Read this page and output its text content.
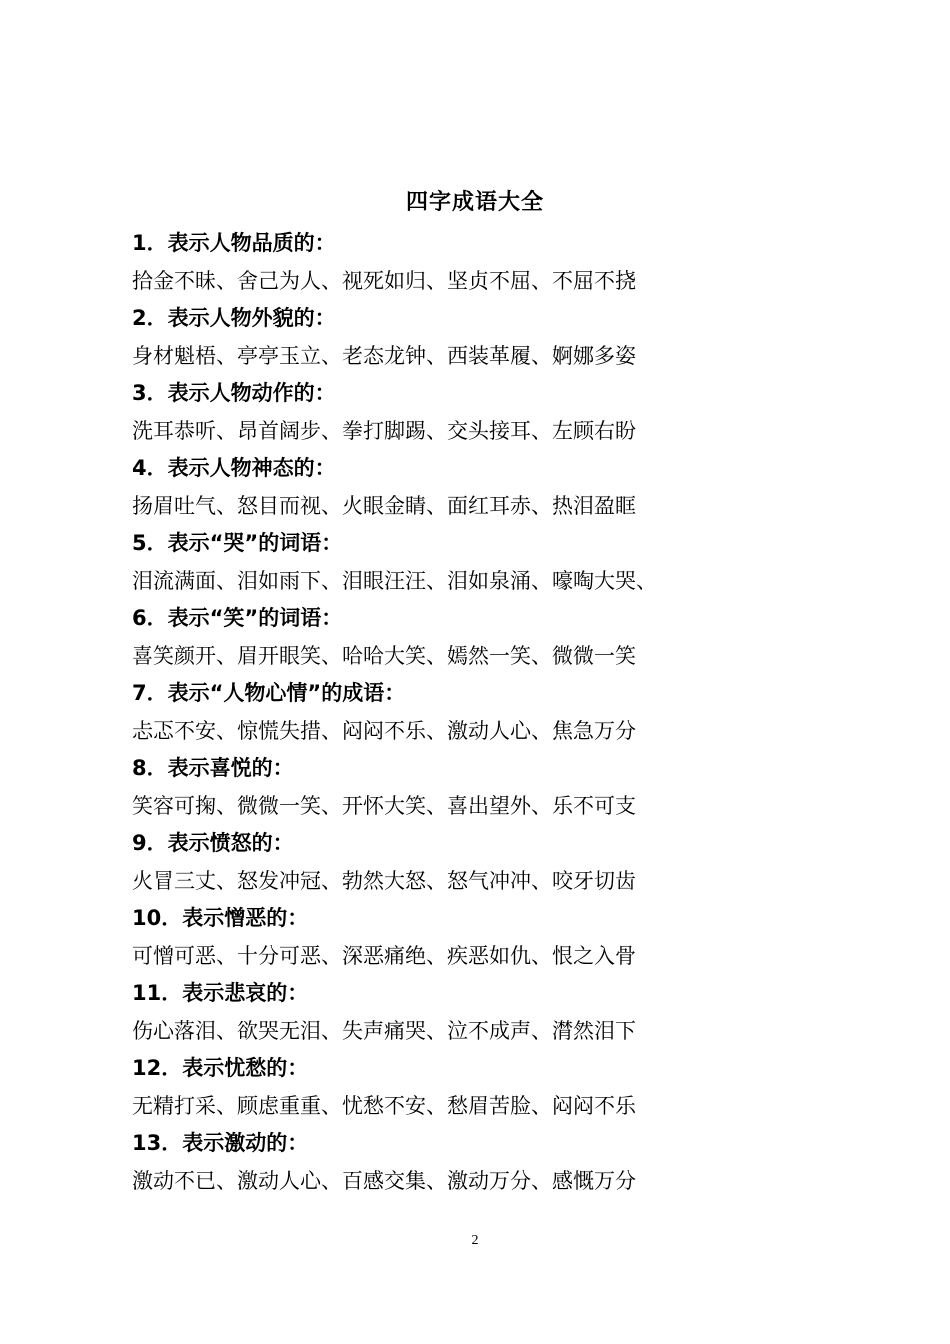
四字成语大全
1．表示人物品质的：
拾金不昧、舍己为人、视死如归、坚贞不屈、不屈不挠
2．表示人物外貌的：
身材魁梧、亭亭玉立、老态龙钟、西装革履、婀娜多姿
3．表示人物动作的：
洗耳恭听、昂首阔步、拳打脚踢、交头接耳、左顾右盼
4．表示人物神态的：
扬眉吐气、怒目而视、火眼金睛、面红耳赤、热泪盈眶
5．表示“哭”的词语：
泪流满面、泪如雨下、泪眼汪汪、泪如泉涌、嚎啕大哭、
6．表示“笑”的词语：
喜笑颜开、眉开眼笑、哈哈大笑、嫣然一笑、微微一笑
7．表示“人物心情”的成语：
忐忑不安、惊慌失措、闷闷不乐、激动人心、焦急万分
8．表示喜悦的：
笑容可掬、微微一笑、开怀大笑、喜出望外、乐不可支
9．表示愤怒的：
火冒三丈、怒发冲冠、勃然大怒、怒气冲冲、咬牙切齿
10．表示憎恶的：
可憎可恶、十分可恶、深恶痛绝、疾恶如仇、恨之入骨
11．表示悲哀的：
伤心落泪、欲哭无泪、失声痛哭、泣不成声、潸然泪下
12．表示忧愁的：
无精打采、顾虑重重、忧愁不安、愁眉苦脸、闷闷不乐
13．表示激动的：
激动不已、激动人心、百感交集、激动万分、感慨万分
2
